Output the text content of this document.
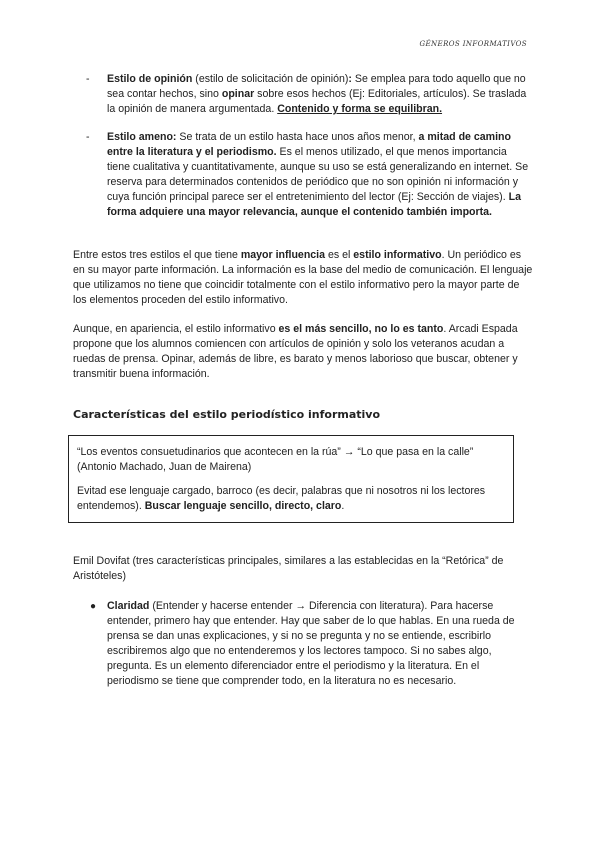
GÉNEROS INFORMATIVOS
- Estilo de opinión (estilo de solicitación de opinión): Se emplea para todo aquello que no sea contar hechos, sino opinar sobre esos hechos (Ej: Editoriales, artículos). Se traslada la opinión de manera argumentada. Contenido y forma se equilibran.
- Estilo ameno: Se trata de un estilo hasta hace unos años menor, a mitad de camino entre la literatura y el periodismo. Es el menos utilizado, el que menos importancia tiene cualitativa y cuantitativamente, aunque su uso se está generalizando en internet. Se reserva para determinados contenidos de periódico que no son opinión ni información y cuya función principal parece ser el entretenimiento del lector (Ej: Sección de viajes). La forma adquiere una mayor relevancia, aunque el contenido también importa.
Entre estos tres estilos el que tiene mayor influencia es el estilo informativo. Un periódico es en su mayor parte información. La información es la base del medio de comunicación. El lenguaje que utilizamos no tiene que coincidir totalmente con el estilo informativo pero la mayor parte de los elementos proceden del estilo informativo.
Aunque, en apariencia, el estilo informativo es el más sencillo, no lo es tanto. Arcadi Espada propone que los alumnos comiencen con artículos de opinión y solo los veteranos acudan a ruedas de prensa. Opinar, además de libre, es barato y menos laborioso que buscar, obtener y transmitir buena información.
Características del estilo periodístico informativo

“Los eventos consuetudinarios que acontecen en la rúa” → “Lo que pasa en la calle” (Antonio Machado, Juan de Mairena)

Evitad ese lenguaje cargado, barroco (es decir, palabras que ni nosotros ni los lectores entendemos). Buscar lenguaje sencillo, directo, claro.

Emil Dovifat (tres características principales, similares a las establecidas en la “Retórica” de Aristóteles)
● Claridad (Entender y hacerse entender → Diferencia con literatura). Para hacerse entender, primero hay que entender. Hay que saber de lo que hablas. En una rueda de prensa se dan unas explicaciones, y si no se pregunta y no se entiende, escribirlo escribiremos algo que no entenderemos y los lectores tampoco. Si no sabes algo, pregunta. Es un elemento diferenciador entre el periodismo y la literatura. En el periodismo se tiene que comprender todo, en la literatura no es necesario.
